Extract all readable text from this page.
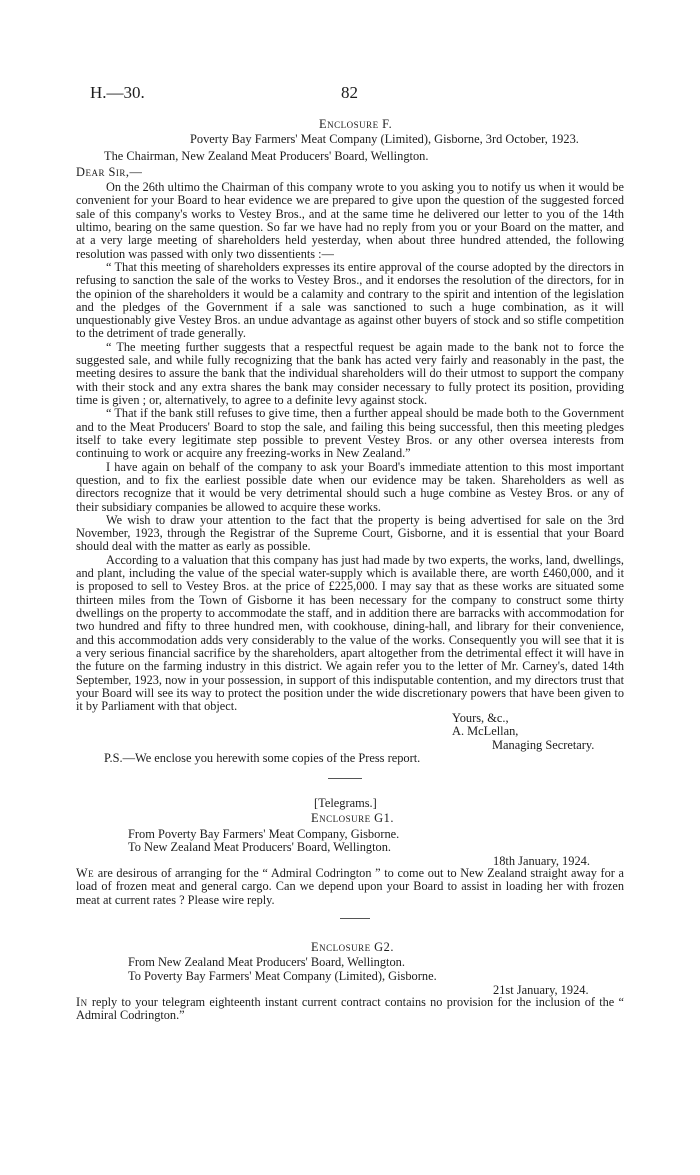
H.—30.	82
Enclosure F.
Poverty Bay Farmers' Meat Company (Limited), Gisborne, 3rd October, 1923.
The Chairman, New Zealand Meat Producers' Board, Wellington.
Dear Sir,—

On the 26th ultimo the Chairman of this company wrote to you asking you to notify us when it would be convenient for your Board to hear evidence we are prepared to give upon the question of the suggested forced sale of this company's works to Vestey Bros., and at the same time he delivered our letter to you of the 14th ultimo, bearing on the same question. So far we have had no reply from you or your Board on the matter, and at a very large meeting of shareholders held yesterday, when about three hundred attended, the following resolution was passed with only two dissentients :—

“ That this meeting of shareholders expresses its entire approval of the course adopted by the directors in refusing to sanction the sale of the works to Vestey Bros., and it endorses the resolution of the directors, for in the opinion of the shareholders it would be a calamity and contrary to the spirit and intention of the legislation and the pledges of the Government if a sale was sanctioned to such a huge combination, as it will unquestionably give Vestey Bros. an undue advantage as against other buyers of stock and so stifle competition to the detriment of trade generally.

“ The meeting further suggests that a respectful request be again made to the bank not to force the suggested sale, and while fully recognizing that the bank has acted very fairly and reasonably in the past, the meeting desires to assure the bank that the individual shareholders will do their utmost to support the company with their stock and any extra shares the bank may consider necessary to fully protect its position, providing time is given ; or, alternatively, to agree to a definite levy against stock.

“ That if the bank still refuses to give time, then a further appeal should be made both to the Government and to the Meat Producers' Board to stop the sale, and failing this being successful, then this meeting pledges itself to take every legitimate step possible to prevent Vestey Bros. or any other oversea interests from continuing to work or acquire any freezing-works in New Zealand.”

I have again on behalf of the company to ask your Board's immediate attention to this most important question, and to fix the earliest possible date when our evidence may be taken. Shareholders as well as directors recognize that it would be very detrimental should such a huge combine as Vestey Bros. or any of their subsidiary companies be allowed to acquire these works.

We wish to draw your attention to the fact that the property is being advertised for sale on the 3rd November, 1923, through the Registrar of the Supreme Court, Gisborne, and it is essential that your Board should deal with the matter as early as possible.

According to a valuation that this company has just had made by two experts, the works, land, dwellings, and plant, including the value of the special water-supply which is available there, are worth £460,000, and it is proposed to sell to Vestey Bros. at the price of £225,000. I may say that as these works are situated some thirteen miles from the Town of Gisborne it has been necessary for the company to construct some thirty dwellings on the property to accommodate the staff, and in addition there are barracks with accommodation for two hundred and fifty to three hundred men, with cookhouse, dining-hall, and library for their convenience, and this accommodation adds very considerably to the value of the works. Consequently you will see that it is a very serious financial sacrifice by the shareholders, apart altogether from the detrimental effect it will have in the future on the farming industry in this district. We again refer you to the letter of Mr. Carney's, dated 14th September, 1923, now in your possession, in support of this indisputable contention, and my directors trust that your Board will see its way to protect the position under the wide discretionary powers that have been given to it by Parliament with that object.

Yours, &c.,
A. McLellan,
Managing Secretary.
P.S.—We enclose you herewith some copies of the Press report.
[Telegrams.]
Enclosure G1.
From Poverty Bay Farmers' Meat Company, Gisborne.
To New Zealand Meat Producers' Board, Wellington.
18th January, 1924.

We are desirous of arranging for the “ Admiral Codrington ” to come out to New Zealand straight away for a load of frozen meat and general cargo. Can we depend upon your Board to assist in loading her with frozen meat at current rates ? Please wire reply.

Enclosure G2.
From New Zealand Meat Producers' Board, Wellington.
To Poverty Bay Farmers' Meat Company (Limited), Gisborne.
21st January, 1924.

In reply to your telegram eighteenth instant current contract contains no provision for the inclusion of the “ Admiral Codrington.”
